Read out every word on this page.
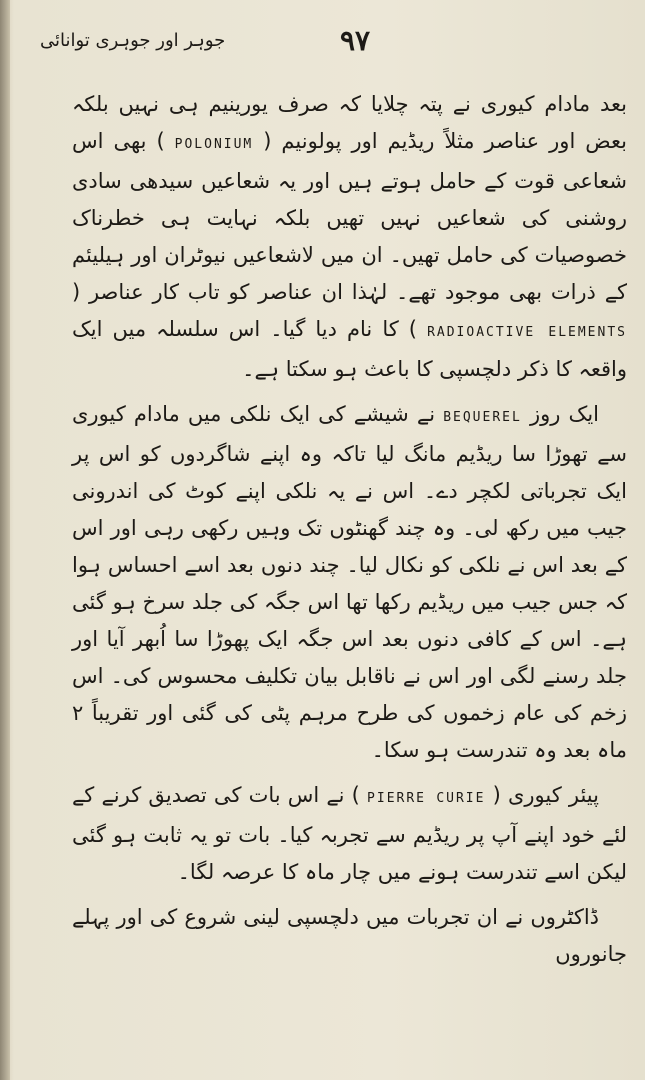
جوہر اور جوہری توانائی	۹۷

بعد مادام کیوری نے پتہ چلایا کہ صرف یورینیم ہی نہیں بلکہ بعض اور عناصر مثلاً ریڈیم اور پولونیم ( POLONIUM ) بھی اس شعاعی قوت کے حامل ہوتے ہیں اور یہ شعاعیں سیدھی سادی روشنی کی شعاعیں نہیں تھیں بلکہ نہایت ہی خطرناک خصوصیات کی حامل تھیں۔ ان میں لاشعاعیں نیوٹران اور ہیلیئم کے ذرات بھی موجود تھے۔ لہٰذا ان عناصر کو تاب کار عناصر ( RADIOACTIVE ELEMENTS ) کا نام دیا گیا۔ اس سلسلہ میں ایک واقعہ کا ذکر دلچسپی کا باعث ہو سکتا ہے۔

ایک روز BEQUEREL نے شیشے کی ایک نلکی میں مادام کیوری سے تھوڑا سا ریڈیم مانگ لیا تاکہ وہ اپنے شاگردوں کو اس پر ایک تجرباتی لکچر دے۔ اس نے یہ نلکی اپنے کوٹ کی اندرونی جیب میں رکھ لی۔ وہ چند گھنٹوں تک وہیں رکھی رہی اور اس کے بعد اس نے نلکی کو نکال لیا۔ چند دنوں بعد اسے احساس ہوا کہ جس جیب میں ریڈیم رکھا تھا اس جگہ کی جلد سرخ ہو گئی ہے۔ اس کے کافی دنوں بعد اس جگہ ایک پھوڑا سا اُبھر آیا اور جلد رسنے لگی اور اس نے ناقابل بیان تکلیف محسوس کی۔ اس زخم کی عام زخموں کی طرح مرہم پٹی کی گئی اور تقریباً ۲ ماہ بعد وہ تندرست ہو سکا۔

پیئر کیوری ( PIERRE CURIE ) نے اس بات کی تصدیق کرنے کے لئے خود اپنے آپ پر ریڈیم سے تجربہ کیا۔ بات تو یہ ثابت ہو گئی لیکن اسے تندرست ہونے میں چار ماہ کا عرصہ لگا۔

ڈاکٹروں نے ان تجربات میں دلچسپی لینی شروع کی اور پہلے جانوروں
